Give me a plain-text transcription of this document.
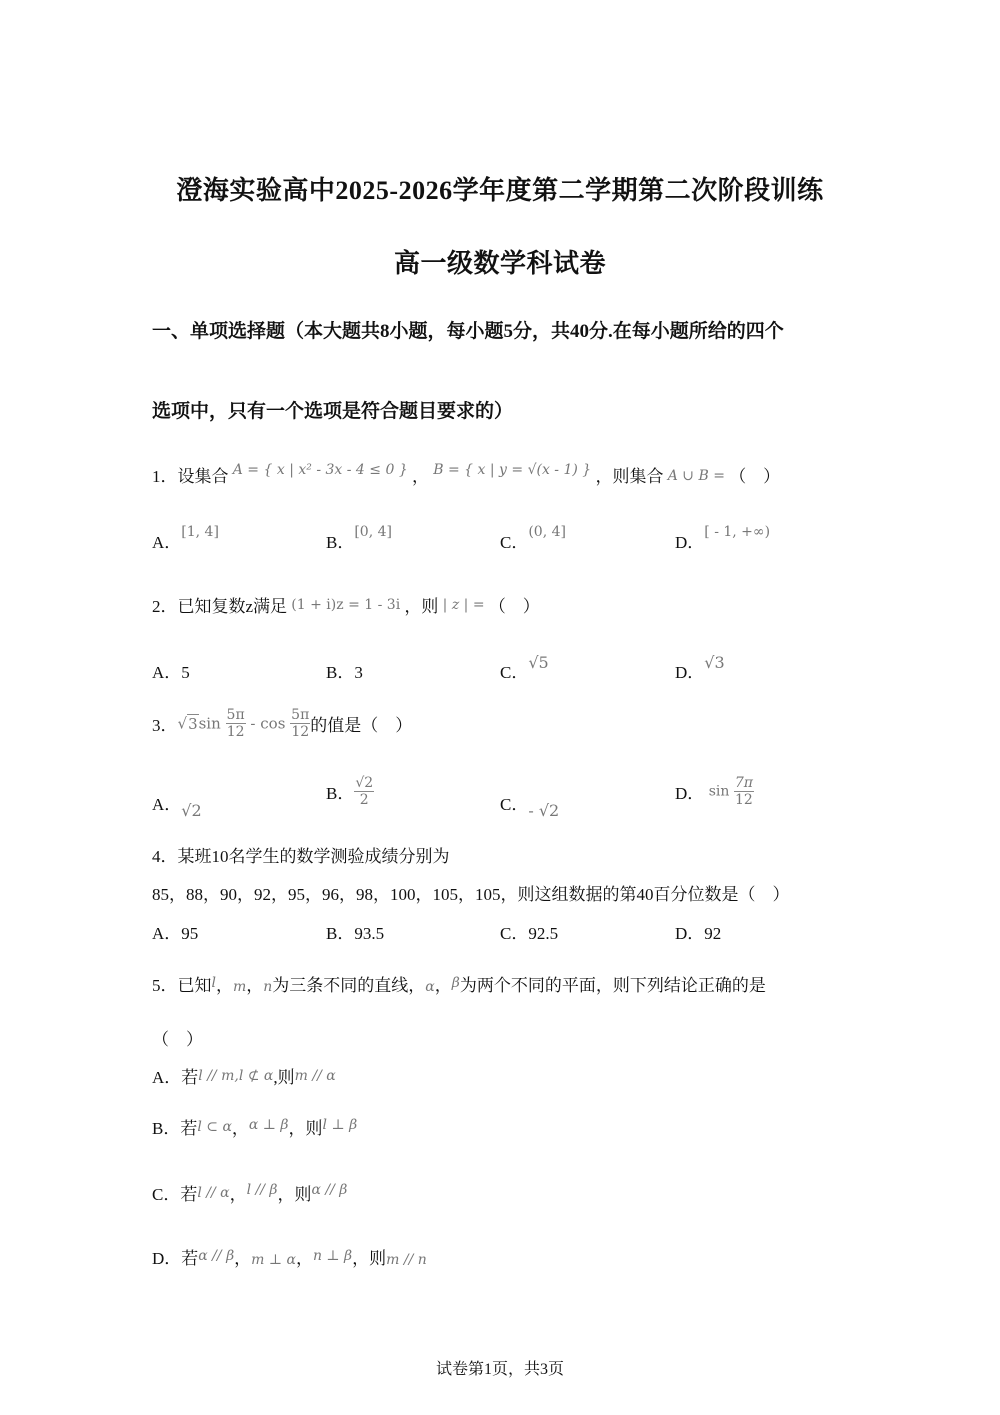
澄海实验高中2025-2026学年度第二学期第二次阶段训练
高一级数学科试卷
一、单项选择题（本大题共8小题，每小题5分，共40分.在每小题所给的四个
选项中，只有一个选项是符合题目要求的）
1．设集合 $^{A = \{ x | x^2 - 3x - 4 \le 0 \}}$ ， $^{B = \{ x | y = √(x - 1) \}}$ ，则集合 A ∪ B = （　）
A．[1, 4]
B．[0, 4]
C．$^{(0, 4]}$
D．$^{[ - 1, +\infty)}$
2．已知复数z满足 (1 + i)z = 1 - 3i ，则 | z | = （　）
A．5	B．3	C．√5
D．√3
3．$√3\sin \frac{5\pi}{12}$ - $\cos \frac{5\pi}{12}$ 的值是（　）
A．√2
B． $\frac{√2}{2}$	C．- √2
D． $\sin \frac{7\pi}{12}$
4．某班10名学生的数学测验成绩分别为
85，88，90，92，95，96，98，100，105，105，则这组数据的第40百分位数是（　）
A．95	B．93.5	C．92.5	D．92
5．已知$^l$，m，n为三条不同的直线，α，$^\beta$为两个不同的平面，则下列结论正确的是
（　）
A．若l // m,l ⊄ α,则m // α
B．若l ⊂ α，$^{\alpha \perp \beta}$，则$^{l \perp \beta}$
C．若l // α，$^{l // \beta}$，则$^{\alpha // \beta}$
D．若$^{\alpha // \beta}$，m ⊥ α，$^{n \perp \beta}$，则m // n
试卷第1页，共3页
